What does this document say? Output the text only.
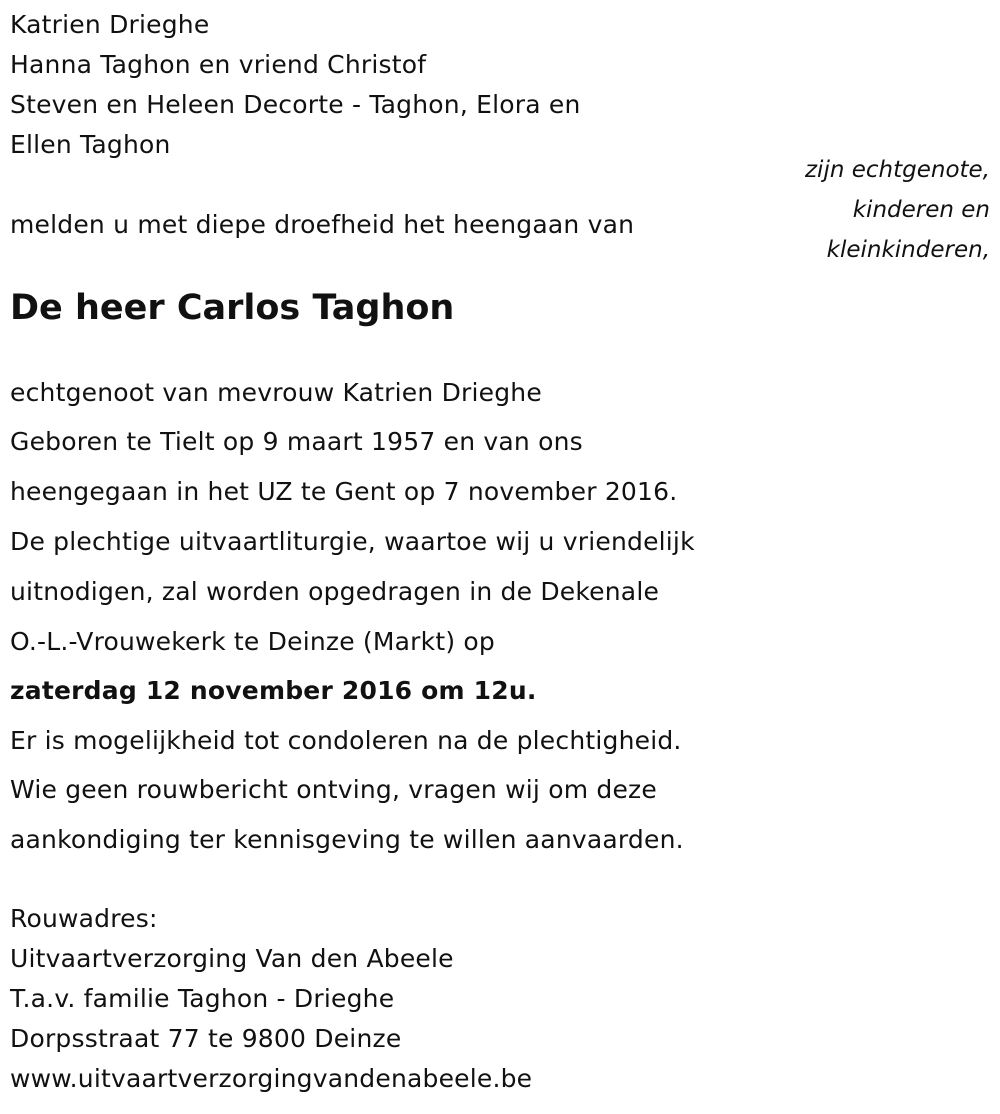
Katrien Drieghe
Hanna Taghon en vriend Christof
Steven en Heleen Decorte - Taghon, Elora en
Ellen Taghon
zijn echtgenote,
kinderen en
kleinkinderen,
melden u met diepe droefheid het heengaan van
De heer Carlos Taghon
echtgenoot van mevrouw Katrien Drieghe
Geboren te Tielt op 9 maart 1957 en van ons
heengegaan in het UZ te Gent op 7 november 2016.
De plechtige uitvaartliturgie, waartoe wij u vriendelijk
uitnodigen, zal worden opgedragen in de Dekenale
O.-L.-Vrouwekerk te Deinze (Markt) op
zaterdag 12 november 2016 om 12u.
Er is mogelijkheid tot condoleren na de plechtigheid.
Wie geen rouwbericht ontving, vragen wij om deze
aankondiging ter kennisgeving te willen aanvaarden.
Rouwadres:
Uitvaartverzorging Van den Abeele
T.a.v. familie Taghon - Drieghe
Dorpsstraat 77 te 9800 Deinze
www.uitvaartverzorgingvandenabeele.be
